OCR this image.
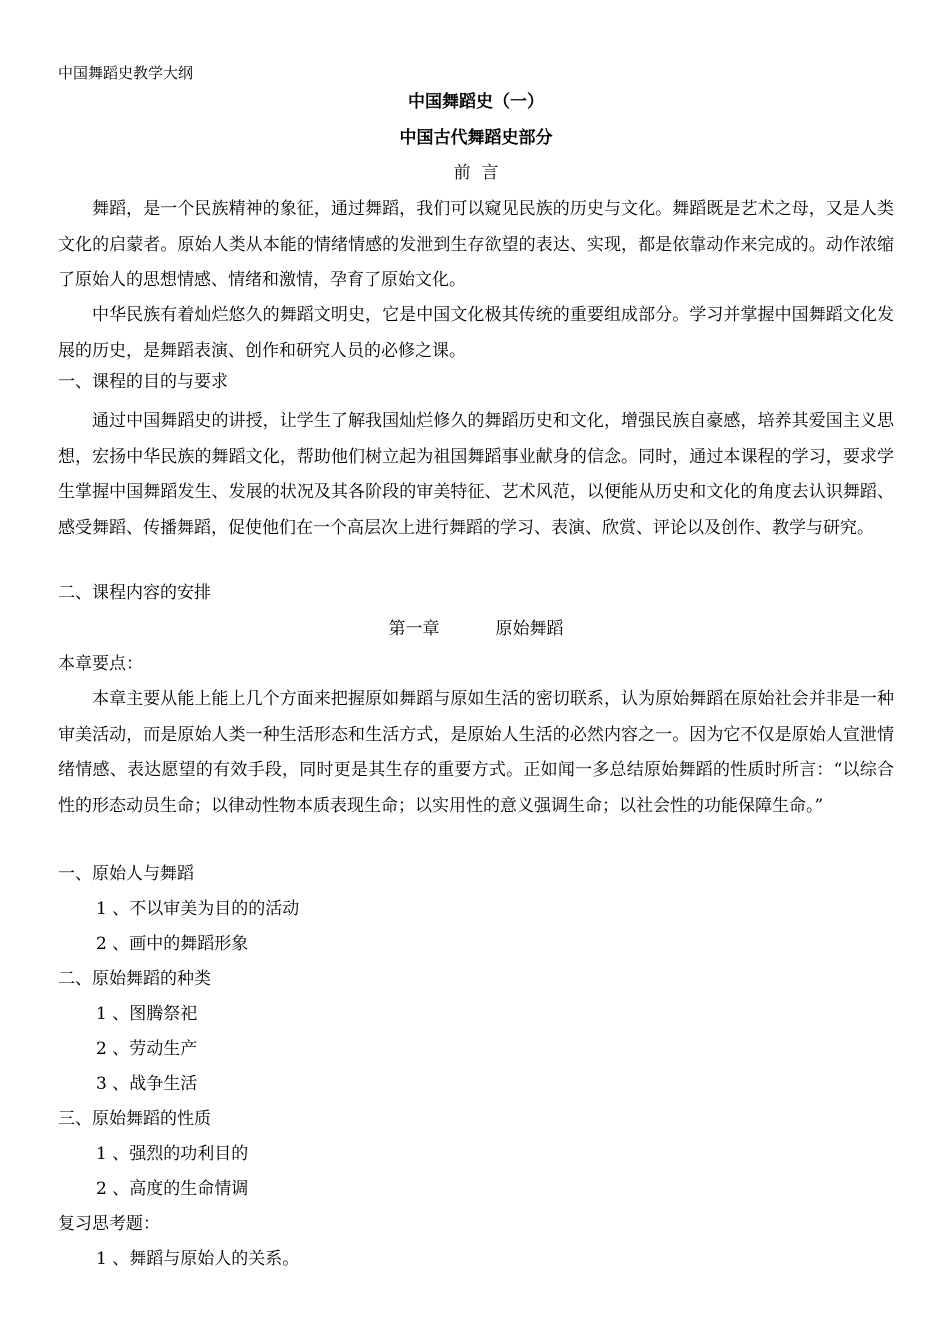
中国舞蹈史教学大纲
中国舞蹈史（一）
中国古代舞蹈史部分
前  言
舞蹈，是一个民族精神的象征，通过舞蹈，我们可以窥见民族的历史与文化。舞蹈既是艺术之母，又是人类文化的启蒙者。原始人类从本能的情绪情感的发泄到生存欲望的表达、实现，都是依靠动作来完成的。动作浓缩了原始人的思想情感、情绪和激情，孕育了原始文化。
中华民族有着灿烂悠久的舞蹈文明史，它是中国文化极其传统的重要组成部分。学习并掌握中国舞蹈文化发展的历史，是舞蹈表演、创作和研究人员的必修之课。
一、课程的目的与要求
通过中国舞蹈史的讲授，让学生了解我国灿烂修久的舞蹈历史和文化，增强民族自豪感，培养其爱国主义思想，宏扬中华民族的舞蹈文化，帮助他们树立起为祖国舞蹈事业献身的信念。同时，通过本课程的学习，要求学生掌握中国舞蹈发生、发展的状况及其各阶段的审美特征、艺术风范，以便能从历史和文化的角度去认识舞蹈、感受舞蹈、传播舞蹈，促使他们在一个高层次上进行舞蹈的学习、表演、欣赏、评论以及创作、教学与研究。
二、课程内容的安排
第一章	原始舞蹈
本章要点：
本章主要从能上能上几个方面来把握原如舞蹈与原如生活的密切联系，认为原始舞蹈在原始社会并非是一种审美活动，而是原始人类一种生活形态和生活方式，是原始人生活的必然内容之一。因为它不仅是原始人宣泄情绪情感、表达愿望的有效手段，同时更是其生存的重要方式。正如闻一多总结原始舞蹈的性质时所言：“以综合性的形态动员生命；以律动性物本质表现生命；以实用性的意义强调生命；以社会性的功能保障生命。”
一、原始人与舞蹈
1 、不以审美为目的的活动
2 、画中的舞蹈形象
二、原始舞蹈的种类
1 、图腾祭祀
2 、劳动生产
3 、战争生活
三、原始舞蹈的性质
1 、强烈的功利目的
2 、高度的生命情调
复习思考题：
1 、舞蹈与原始人的关系。
